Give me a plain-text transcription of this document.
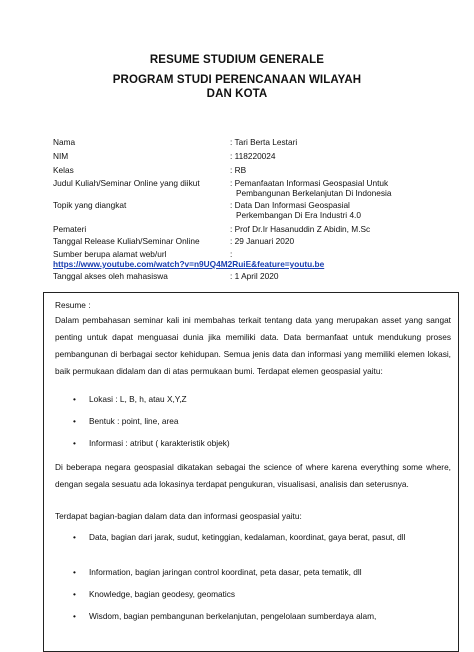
RESUME STUDIUM GENERALE
PROGRAM STUDI PERENCANAAN WILAYAH
DAN KOTA
Nama	: Tari Berta Lestari
NIM	: 118220024
Kelas	: RB
Judul Kuliah/Seminar Online yang diikut	: Pemanfaatan Informasi Geospasial Untuk
Pembangunan Berkelanjutan Di Indonesia
Topik yang diangkat	: Data Dan Informasi Geospasial
Perkembangan Di Era Industri 4.0
Pemateri	: Prof Dr.Ir Hasanuddin Z Abidin, M.Sc
Tanggal Release Kuliah/Seminar Online	: 29 Januari 2020
Sumber berupa alamat web/url	:
https://www.youtube.com/watch?v=n9UQ4M2RuiE&feature=youtu.be
Tanggal akses oleh mahasiswa	: 1 April 2020
Resume :

Dalam pembahasan seminar kali ini membahas terkait tentang data yang merupakan asset yang sangat penting untuk dapat menguasai dunia jika memiliki data. Data bermanfaat untuk mendukung proses pembangunan di berbagai sector kehidupan. Semua jenis data dan informasi yang memiliki elemen lokasi, baik permukaan didalam dan di atas permukaan bumi. Terdapat elemen geospasial yaitu:

• Lokasi : L, B, h, atau X,Y,Z
• Bentuk : point, line, area
• Informasi : atribut ( karakteristik objek)

Di beberapa negara geospasial dikatakan sebagai the science of where karena everything some where, dengan segala sesuatu ada lokasinya terdapat pengukuran, visualisasi, analisis dan seterusnya.

Terdapat bagian-bagian dalam data dan informasi geospasial yaitu:

• Data, bagian dari jarak, sudut, ketinggian, kedalaman, koordinat, gaya berat, pasut, dll
• Information, bagian jaringan control koordinat, peta dasar, peta tematik, dll
• Knowledge, bagian geodesy, geomatics
• Wisdom, bagian pembangunan berkelanjutan, pengelolaan sumberdaya alam,
